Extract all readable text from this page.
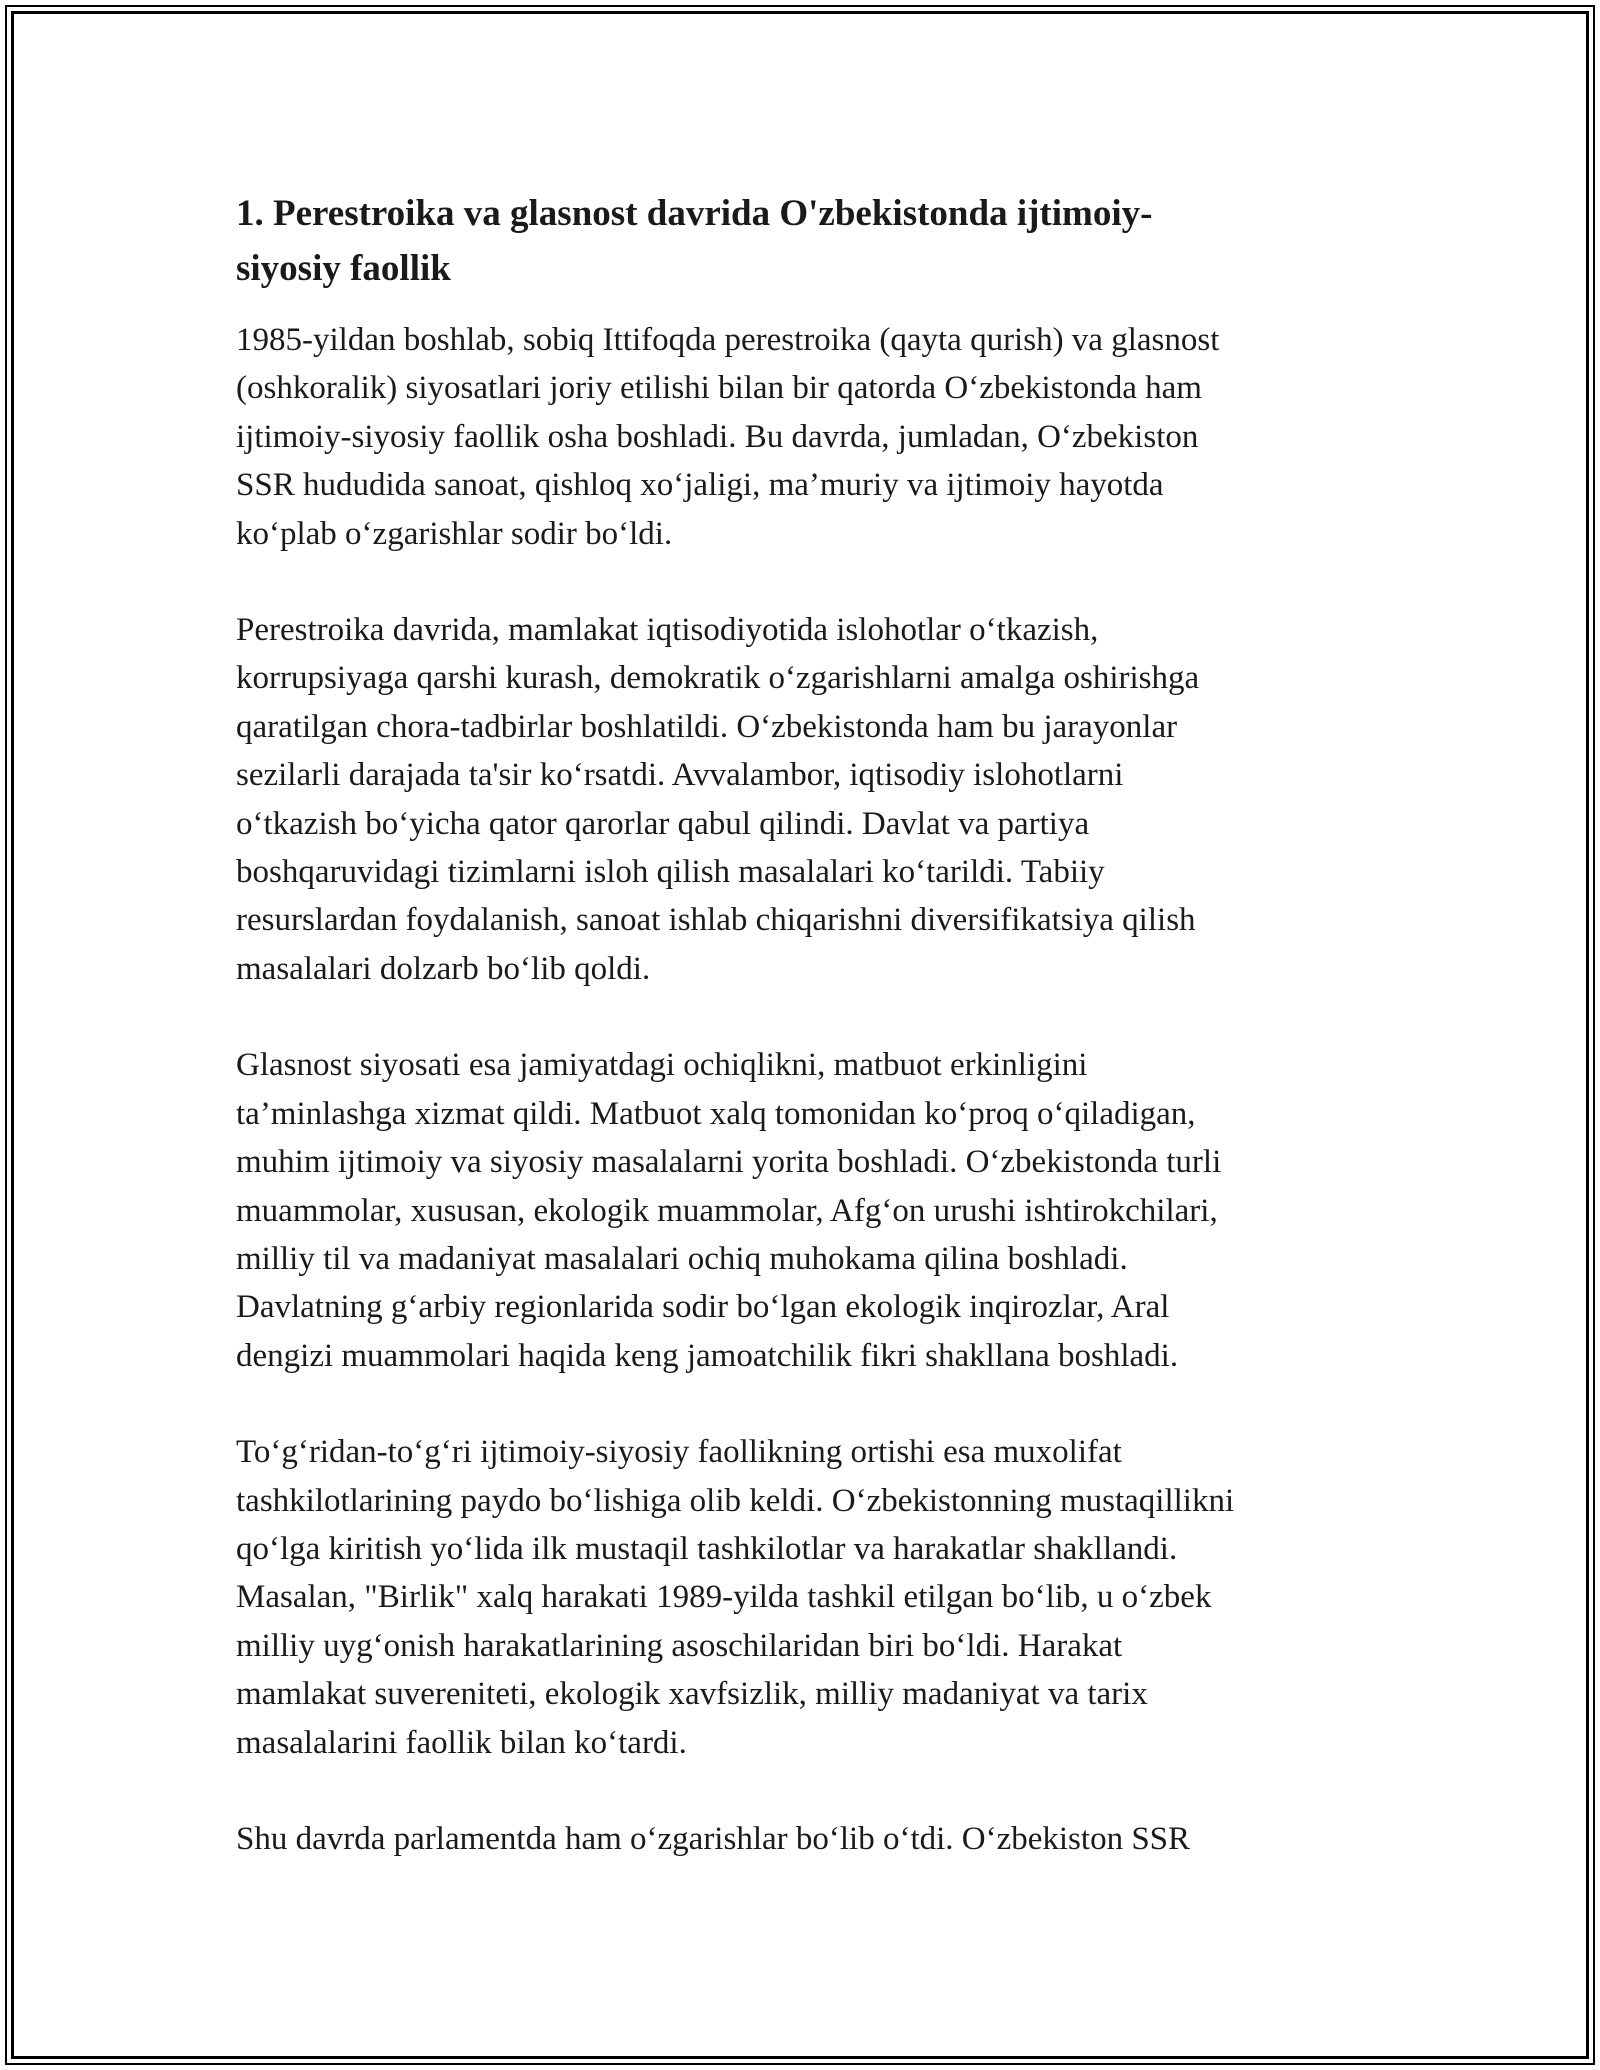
1. Perestroika va glasnost davrida O'zbekistonda ijtimoiy-
siyosiy faollik

1985-yildan boshlab, sobiq Ittifoqda perestroika (qayta qurish) va glasnost
(oshkoralik) siyosatlari joriy etilishi bilan bir qatorda O‘zbekistonda ham
ijtimoiy-siyosiy faollik osha boshladi. Bu davrda, jumladan, O‘zbekiston
SSR hududida sanoat, qishloq xo‘jaligi, ma’muriy va ijtimoiy hayotda
ko‘plab o‘zgarishlar sodir bo‘ldi.

Perestroika davrida, mamlakat iqtisodiyotida islohotlar o‘tkazish,
korrupsiyaga qarshi kurash, demokratik o‘zgarishlarni amalga oshirishga
qaratilgan chora-tadbirlar boshlatildi. O‘zbekistonda ham bu jarayonlar
sezilarli darajada ta'sir ko‘rsatdi. Avvalambor, iqtisodiy islohotlarni
o‘tkazish bo‘yicha qator qarorlar qabul qilindi. Davlat va partiya
boshqaruvidagi tizimlarni isloh qilish masalalari ko‘tarildi. Tabiiy
resurslardan foydalanish, sanoat ishlab chiqarishni diversifikatsiya qilish
masalalari dolzarb bo‘lib qoldi.

Glasnost siyosati esa jamiyatdagi ochiqlikni, matbuot erkinligini
ta’minlashga xizmat qildi. Matbuot xalq tomonidan ko‘proq o‘qiladigan,
muhim ijtimoiy va siyosiy masalalarni yorita boshladi. O‘zbekistonda turli
muammolar, xususan, ekologik muammolar, Afg‘on urushi ishtirokchilari,
milliy til va madaniyat masalalari ochiq muhokama qilina boshladi.
Davlatning g‘arbiy regionlarida sodir bo‘lgan ekologik inqirozlar, Aral
dengizi muammolari haqida keng jamoatchilik fikri shakllana boshladi.

To‘g‘ridan-to‘g‘ri ijtimoiy-siyosiy faollikning ortishi esa muxolifat
tashkilotlarining paydo bo‘lishiga olib keldi. O‘zbekistonning mustaqillikni
qo‘lga kiritish yo‘lida ilk mustaqil tashkilotlar va harakatlar shakllandi.
Masalan, "Birlik" xalq harakati 1989-yilda tashkil etilgan bo‘lib, u o‘zbek
milliy uyg‘onish harakatlarining asoschilaridan biri bo‘ldi. Harakat
mamlakat suvereniteti, ekologik xavfsizlik, milliy madaniyat va tarix
masalalarini faollik bilan ko‘tardi.

Shu davrda parlamentda ham o‘zgarishlar bo‘lib o‘tdi. O‘zbekiston SSR
